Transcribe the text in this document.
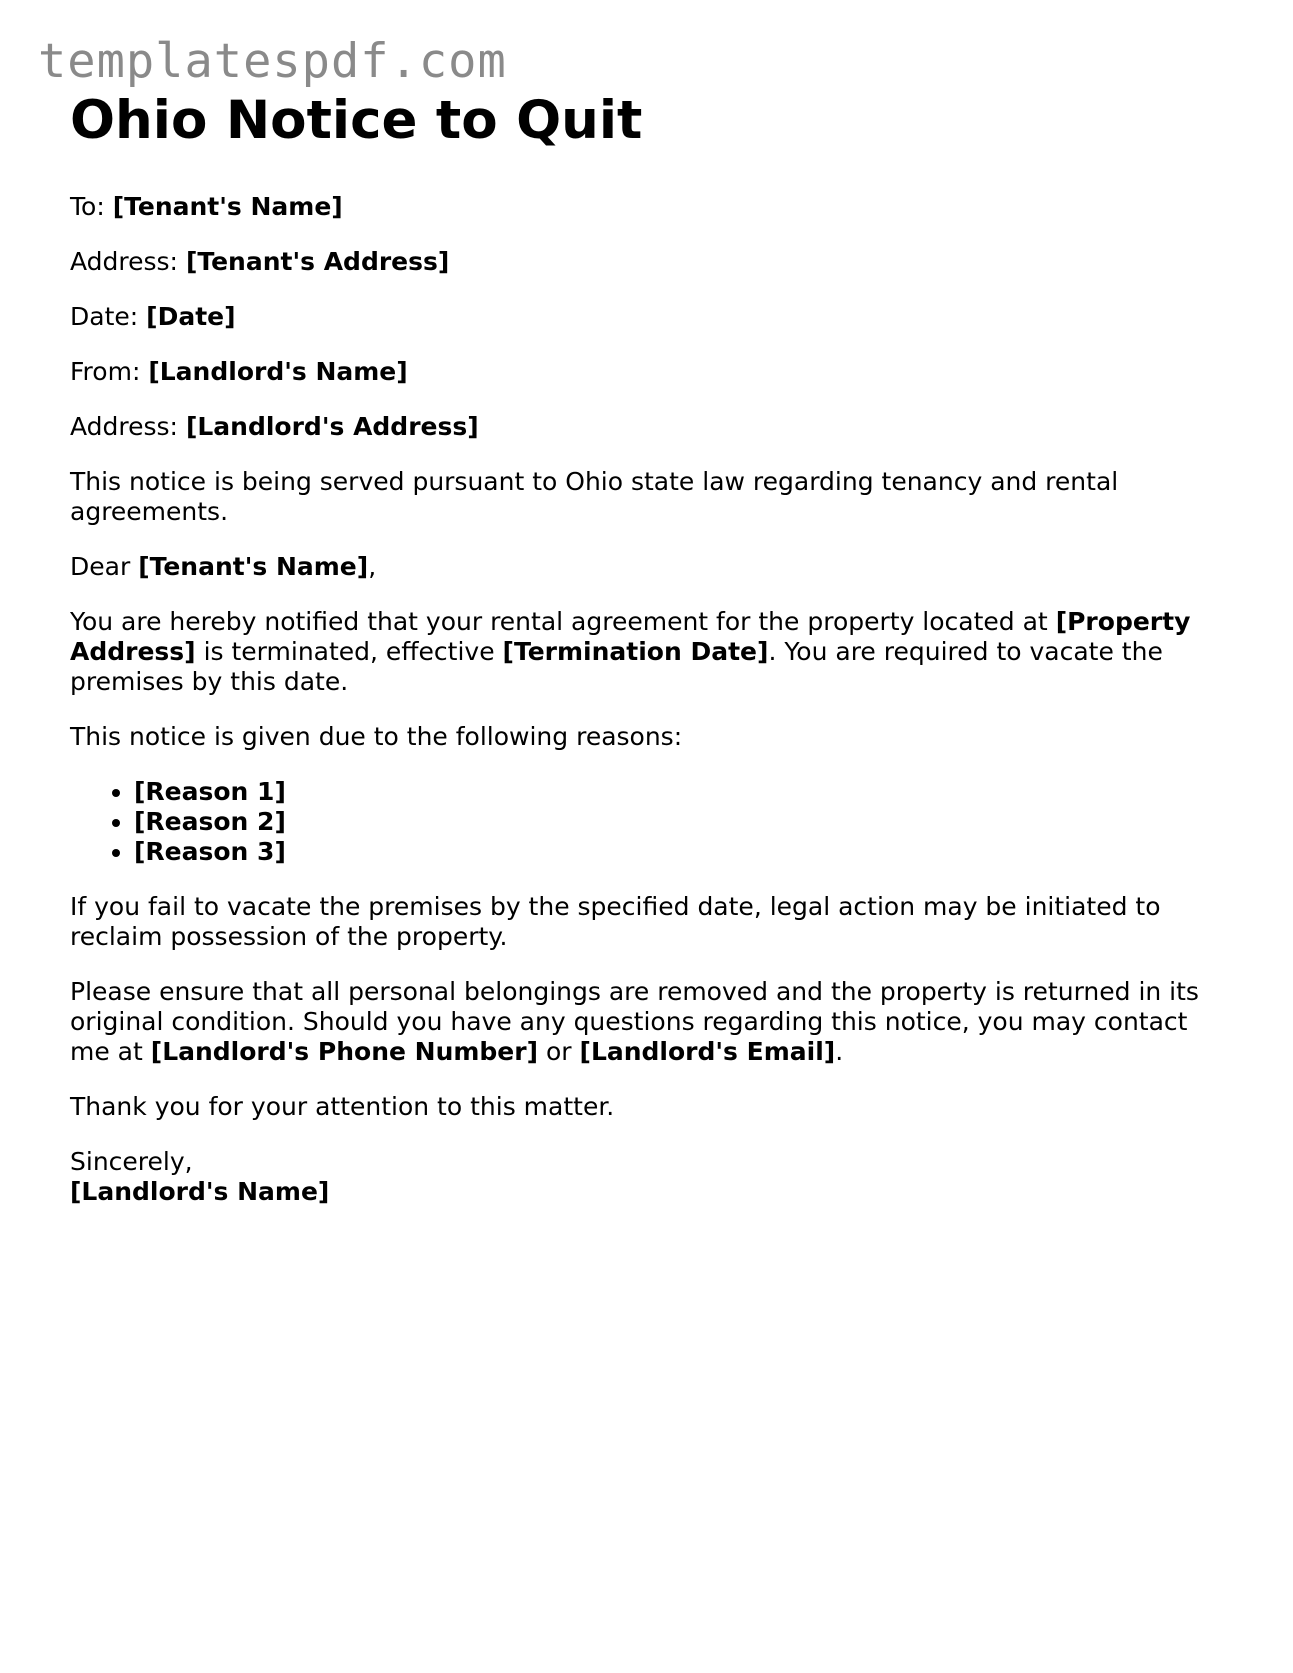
templatespdf.com
Ohio Notice to Quit

To: [Tenant's Name]

Address: [Tenant's Address]

Date: [Date]

From: [Landlord's Name]

Address: [Landlord's Address]

This notice is being served pursuant to Ohio state law regarding tenancy and rental agreements.

Dear [Tenant's Name],

You are hereby notified that your rental agreement for the property located at [Property Address] is terminated, effective [Termination Date]. You are required to vacate the premises by this date.

This notice is given due to the following reasons:

• [Reason 1]
• [Reason 2]
• [Reason 3]

If you fail to vacate the premises by the specified date, legal action may be initiated to reclaim possession of the property.

Please ensure that all personal belongings are removed and the property is returned in its original condition. Should you have any questions regarding this notice, you may contact me at [Landlord's Phone Number] or [Landlord's Email].

Thank you for your attention to this matter.

Sincerely,
[Landlord's Name]
